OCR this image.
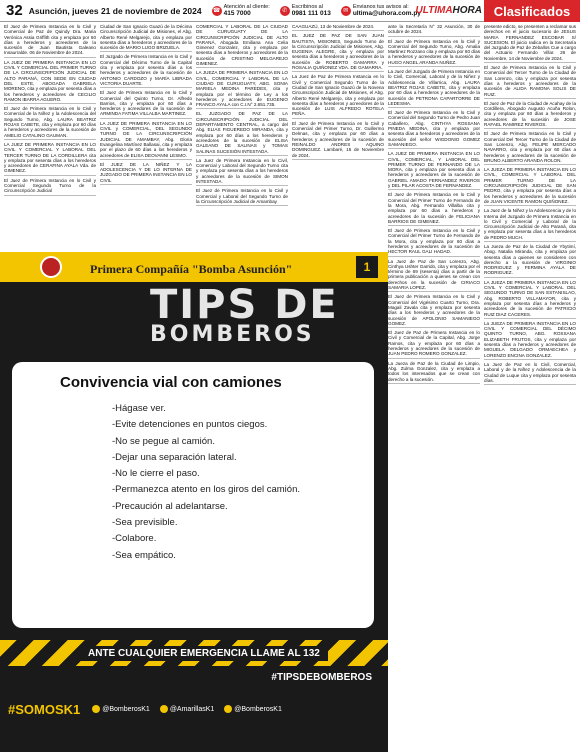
32 Asunción, jueves 21 de noviembre de 2024 ☎
Atención al cliente:
415 7000	✆
Escribinos al
0981 111 013	✉
Envianos tus avisos al:
ultima@uhora.com.py
ULTIMAHORA Clasificados

El Juez de Primera Instancia en lo Civil y Comercial de Paz de Quindy Dra. Maria Verónica Assia Griffith cita y emplaza por 60 días a herederos y acreedores de la sucesión de Juan Bautista Galeano Insaurralde. 06 de Noviembre de 2024.

LA JUEZ DE PRIMERA INSTANCIA EN LO CIVIL Y COMERCIAL DEL PRIMER TURNO DE LA CIRCUNSCRIPCIÓN JUDICIAL DE ALTO PARANÁ, CON SEDE EN CIUDAD DEL ESTE, ABOGADA GABRIELA MORENO, cita y emplaza por sesenta días a los herederos y acreedores de CECILIO RAMON IBARRA AGUERO.

El Juez de Primera Instancia en lo Civil y Comercial de la Niñez y la Adolescencia del Segundo Turno, Abg. LAURA BEATRIZ ROJAS CABETE, cita y emplaza por 60 días a herederos y acreedores de la sucesión de AMELIO CATALINO GAUMAN.

LA JUEZ DE PRIMERA INSTANCIA EN LO CIVIL Y COMERCIAL Y LABORAL DEL TERCER TURNO DE LA CORDILLERA cita y emplaza por sesenta días a los herederos y acreedores de CERAFINA AYALA Vda. de GIMENEZ.

El Juez de Primera Instancia en lo Civil y Comercial Segundo Turno de la Circunscripción Judicial

Ciudad de San Ignacio Guazú de la Décima Circunscripción Judicial de Misiones, el Abg. Alberto René Melgarejo, cita y emplaza por sesenta días a herederos y acreedores de la sucesión de MARIO LUGO BRIZUELA.

El Juzgado de Primera Instancia en lo Civil y Comercial del Décimo Turno de la Capital cita y emplaza por sesenta días a los herederos y acreedores de la sucesión de ANTONIO CARDOZO y MARÍA LIBRADA VICTORIA DUARTE.

El Juez de Primera Instancia en lo Civil y Comercial del Quinto Turno, Dr. Alfredo Barrios, cita y emplaza por 60 días a herederos y acreedores de la sucesión de ARMINDA FATIMA VILLALBA MARTINEZ.

LA JUEZ DE PRIMERA INSTANCIA EN LO CIVIL y COMERCIAL, DEL SEGUNDO TURNO DE LA CIRCUNSCRIPCIÓN JUDICIAL DE AMAMBAY, Abg. Gloria Evangelina Martínez Ballasai, cita y emplaza por el plazo de 60 días a los herederos y acreedores de ELISA DEOVANNI LESMO.

El JUEZ DE LA NIÑEZ Y LA ADOLESCENCIA Y DE LO INTERNA DE JUZGADO DE PRIMERA INSTANCIA EN LO CIVIL

COMERCIAL Y LABORAL DE LA CIUDAD DE CURUGUATY DE LA CIRCUNSCRIPCIÓN JUDICIAL DE ALTO PARANÁ, Abogada Emiliana Ana Celia Gimenez Gonzalez, cita y emplaza por sesenta días a herederos y acreedores de la sucesión de CRISTINO MELGAREJO GIMENEZ.

LA JUEZA DE PRIMERA INSTANCIA EN LO CIVIL, COMERCIAL Y LABORAL DE LA CIUDAD DE CURUGUATY, ABG. SONIA MARIELA MEDINA PAREDES, cita y emplaza por el término de Ley a los herederos y acreedores de EUGENIO FRANCO AYALA con C.I.N° 2.651.735.

EL JUZGADO DE PAZ DE LA CIRCUNSCRIPCIÓN JUDICIAL DEL DEPARTAMENTO CENTRAL, a cargo del Abg. ELIAS FIGUEREDO MIRANDA, cita y emplaza por 60 días a los herederos y acreedores de la sucesión de ELISA GALEANO DE SALINAS y TOMAS SALINAS SUCESIÓN INTESTADA.

La Juez de Primera Instancia en lo Civil, Comercial y Laboral del Segundo Turno cita y emplaza por sesenta días a los herederos y acreedores de la sucesión de SIMON INTESTADA.

El Juez de Primera Instancia en lo Civil y Comercial y Laboral del Segundo Turno de la Circunscripción Judicial de Amambay

CAAGUAZÚ, 13 de Noviembre de 2024.

EL JUEZ DE PAZ DE SAN JUAN BAUTISTA, MISIONES, Segundo Turno de la Circunscripción Judicial de Misiones, Abg. EUGENIA ALEGRE, cita y emplaza por sesenta días a herederos y acreedores de la sucesión de ROBERTO GAMARRA y ROSALIA QUIÑONEZ VDA. DE GAMARRA.

La Juez de Paz de Primera Instancia en lo Civil y Comercial Segundo Turno de la Ciudad de San Ignacio Guazú de la Novena Circunscripción Judicial de Misiones, el Abg. Alberto René Melgarejo, cita y emplaza por sesenta días a herederos y acreedores de la sucesión de LUIS ALFREDO ROTELA PEÑA.

El Juez de Primera Instancia en lo Civil y Comercial del Primer Turno, Dr. Guillermo Delmas, cita y emplaza por 60 días a herederos y acreedores de la sucesión de REINALDO ANDRES AQUINO DOMINGUEZ. Lambaré, 15 de Noviembre de 2024.

ante la Secretaría N° 32 Asunción, 30 de octubre de 2024.

El Juez de Primera Instancia en lo Civil y Comercial del Segundo Turno, Abg. Amalia Martinez Rozzano cita y emplaza por 60 días a herederos y acreedores de la sucesión de HUGO ANGEL ARANDA NUÑEZ.

La Juez del Juzgado de Primera Instancia en lo Civil, Comercial, Laboral y de la Niñez y Adolescencia de Villarrica, Abg. LAURA BEATRIZ ROJAS CABETE, cita y emplaza por 60 días a herederos y acreedores de la sucesión de PETRONA CAPARTORRE DE LEDESMA.

El Juez de Primera Instancia en lo Civil y Comercial del Segundo Turno de Pedro Juan Caballero, Abg. CINTHYA ROSSANA PINEDA MEDINA, cita y emplaza por sesenta días a herederos y acreedores de la sucesión del señor WIGDONIO GOMEZ SAMANIEGO.

LA JUEZ DE PRIMERA INSTANCIA EN LO CIVIL, COMERCIAL, Y LABORAL DEL PRIMER TURNO DE FERNANDO DE LA MORA, cita y emplaza por sesenta días a herederos y acreedores de la sucesión de GABRIEL AMADO FERNANDEZ RIVEROS y DEL PILAR ACOSTA DE FERNANDEZ.

El Juez de Primera Instancia en lo Civil y Comercial del Primer Turno de Fernando de la Mora, Abg. Fernando Villalba cita y emplaza por 60 días a herederos y acreedores de la sucesión de FELICIANA BARRIOS DE GIMENEZ.

El Juez de Primera Instancia en lo Civil y Comercial del Primer Turno de Fernando de la Mora, cita y emplaza por 60 días a herederos y acreedores de la sucesión de HECTOR RAUL GALI HADAD.

La Juez de Paz de San Lorenzo, Abg. Cinthya Ushter Garrido, cita y emplaza por el término de 69 (sesenta) días a partir de la primera publicación a quienes se crean con derechos en la sucesión de CIRIACO SAMARIA LOPEZ.

El Juez de Primera Instancia en lo Civil y Comercial del Vigésimo Cuarto Turno, Dra. Magali Zavala cita y emplaza por sesenta días a los herederos y acreedores de la sucesión de APOLONIO SAMANIEGO GOMEZ.

El Juez de Paz de Primera Instancia en lo Civil y Comercial de la Capital, Abg. Jorge Ramos, cita y emplaza por 60 días a herederos y acreedores de la sucesión de JUAN PEDRO ROMERO GONZALEZ.

La Jueza de Paz de la Ciudad de Limpio, Abg. Zulma Gonzalez, cita y emplaza a todos los interesados que se crean con derecho a la sucesión.

presente edicto, se presenten a reclamar sus derechos en el juicio sucesorio de JESUS MARIA FERNANDEZ ESCOBAR S/ SUCESION. El juicio radica en la Secretaría del Juzgado de Paz de Zeballos Cue a cargo del Actuario Fernando Villar. 26 de Noviembre, 14 de Noviembre de 2024.

El Juez de Primera Instancia en lo Civil y Comercial del Tercer Turno de la Ciudad de San Lorenzo, cita y emplaza por sesenta días a herederos y acreedores de la sucesión de ALIDA RAMONA SOLIS DE RUIZ.

El Juez de Paz de la Ciudad de Acahay de la Cordillera, Abogado Augusto Acuña Rolon, cita y emplaza por 60 días a herederos y acreedores de la sucesión de JOSE RAFAEL RAMIREZ RIVEROS.

El Juez de Primera Instancia en lo Civil y Comercial Del Tercer Turno de la Ciudad de San Lorenzo, Abg. FELIPE MERCADO NAVARRO, cita y emplaza por 60 días a herederos y acreedores de la sucesión de BRUNO ALBERTO ARANDA ROLON.

LA JUEZA DE PRIMERA INSTANCIA EN LO CIVIL, COMERCIAL Y LABORAL DEL PRIMER TURNO DE LA CIRCUNSCRIPCIÓN JUDICIAL DE SAN PEDRO, cita y emplaza por sesenta días a los herederos y acreedores de la sucesión de JUAN VICENTE RAMON QUIÑONEZ.

La Juez de la Niñez y la Adolescencia y de lo Interna del Juzgado de Primera Instancia en lo Civil y Comercial y Laboral de la Circunscripción Judicial de Alto Paraná, cita y emplaza por sesenta días a los herederos de PEDRO MUCH.

La Jueza de Paz de la Ciudad de Ybytimí, Abog. Natalia Miranda, cita y emplaza por sesenta días a quienes se consideren con derecho a la sucesión de VIRGINIO RODRIGUEZ y FERMINA AYALA DE RODRIGUEZ.

LA JUEZA DE PRIMERA INSTANCIA EN LO CIVIL Y COMERCIAL Y LABORAL DEL SEGUNDO TURNO DE SAN ESTANISLAO, Abg. ROBERTO VILLAMAYOR, cita y emplaza por sesenta días a herederos y acreedores de la sucesión de PATRICIO RUIZ DIAZ CACERES.

La JUEZA DE PRIMERA INSTANCIA EN LO CIVIL Y COMERCIAL DEL DÉCIMO QUINTO TURNO, ABG. ROSSANA ELIZABETH FRUTOS, cita y emplaza por sesenta días a herederos y acreedores de MIGUELA DELGADO ORMAECHEA y LORENZO ENCINA GONZALEZ.

La Juez de Paz en lo Civil, Comercial, Laboral y de la Niñez y Adolescencia de la Ciudad de Luque cita y emplaza por sesenta días.

Primera Compañía "Bomba Asunción"	1
TIPS DE
BOMBEROS
Convivencia vial con camiones
-Hágase ver.
-Evite detenciones en puntos ciegos.
-No se pegue al camión.
-Dejar una separación lateral.
-No le cierre el paso.
-Permanezca atento en los giros del camión.
-Precaución al adelantarse.
-Sea previsible.
-Colabore.
-Sea empático.
ANTE CUALQUIER EMERGENCIA LLAME AL 132
#TIPSDEBOMBEROS
#SOMOSK1	@BomberosK1	@AmarillasK1	@BomberosK1
